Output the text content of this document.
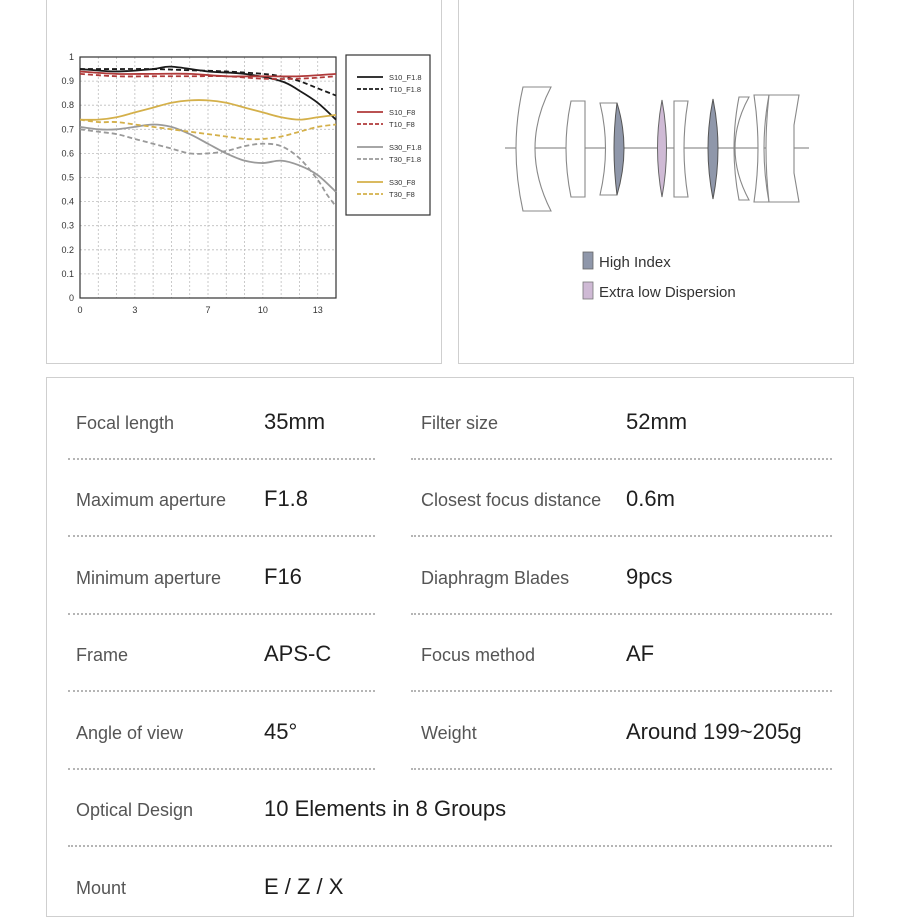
0
0.1
0.2
0.3
0.4
0.5
0.6
0.7
0.8
0.9
1
0	3	7	10	13
S10_F1.8
T10_F1.8
S10_F8
T10_F8
S30_F1.8
T30_F1.8
S30_F8
T30_F8
High Index
Extra low Dispersion
Focal length	35mm	Filter size	52mm
Maximum aperture F1.8	Closest focus distance 0.6m
Minimum aperture F16	Diaphragm Blades	9pcs
Frame	APS-C	Focus method	AF
Angle of view	45°	Weight	Around 199~205g
Optical Design	10 Elements in 8 Groups
Mount	E / Z / X
